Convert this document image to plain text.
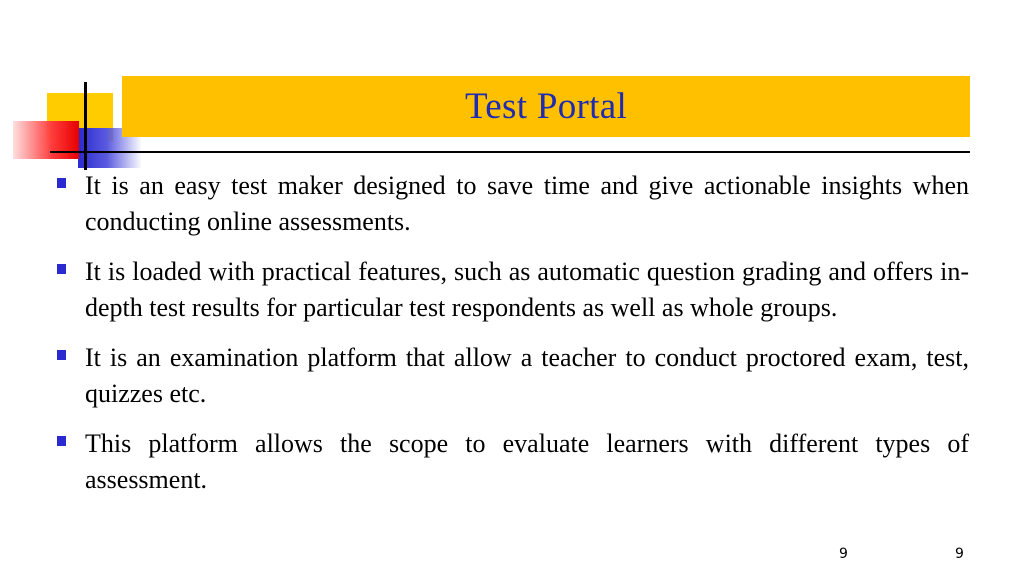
Test Portal
It is an easy test maker designed to save time and give actionable insights when conducting online assessments.
It is loaded with practical features, such as automatic question grading and offers in-depth test results for particular test respondents as well as whole groups.
It is an examination platform that allow a teacher to conduct proctored exam, test, quizzes etc.
This platform allows the scope to evaluate learners with different types of assessment.
9	9
